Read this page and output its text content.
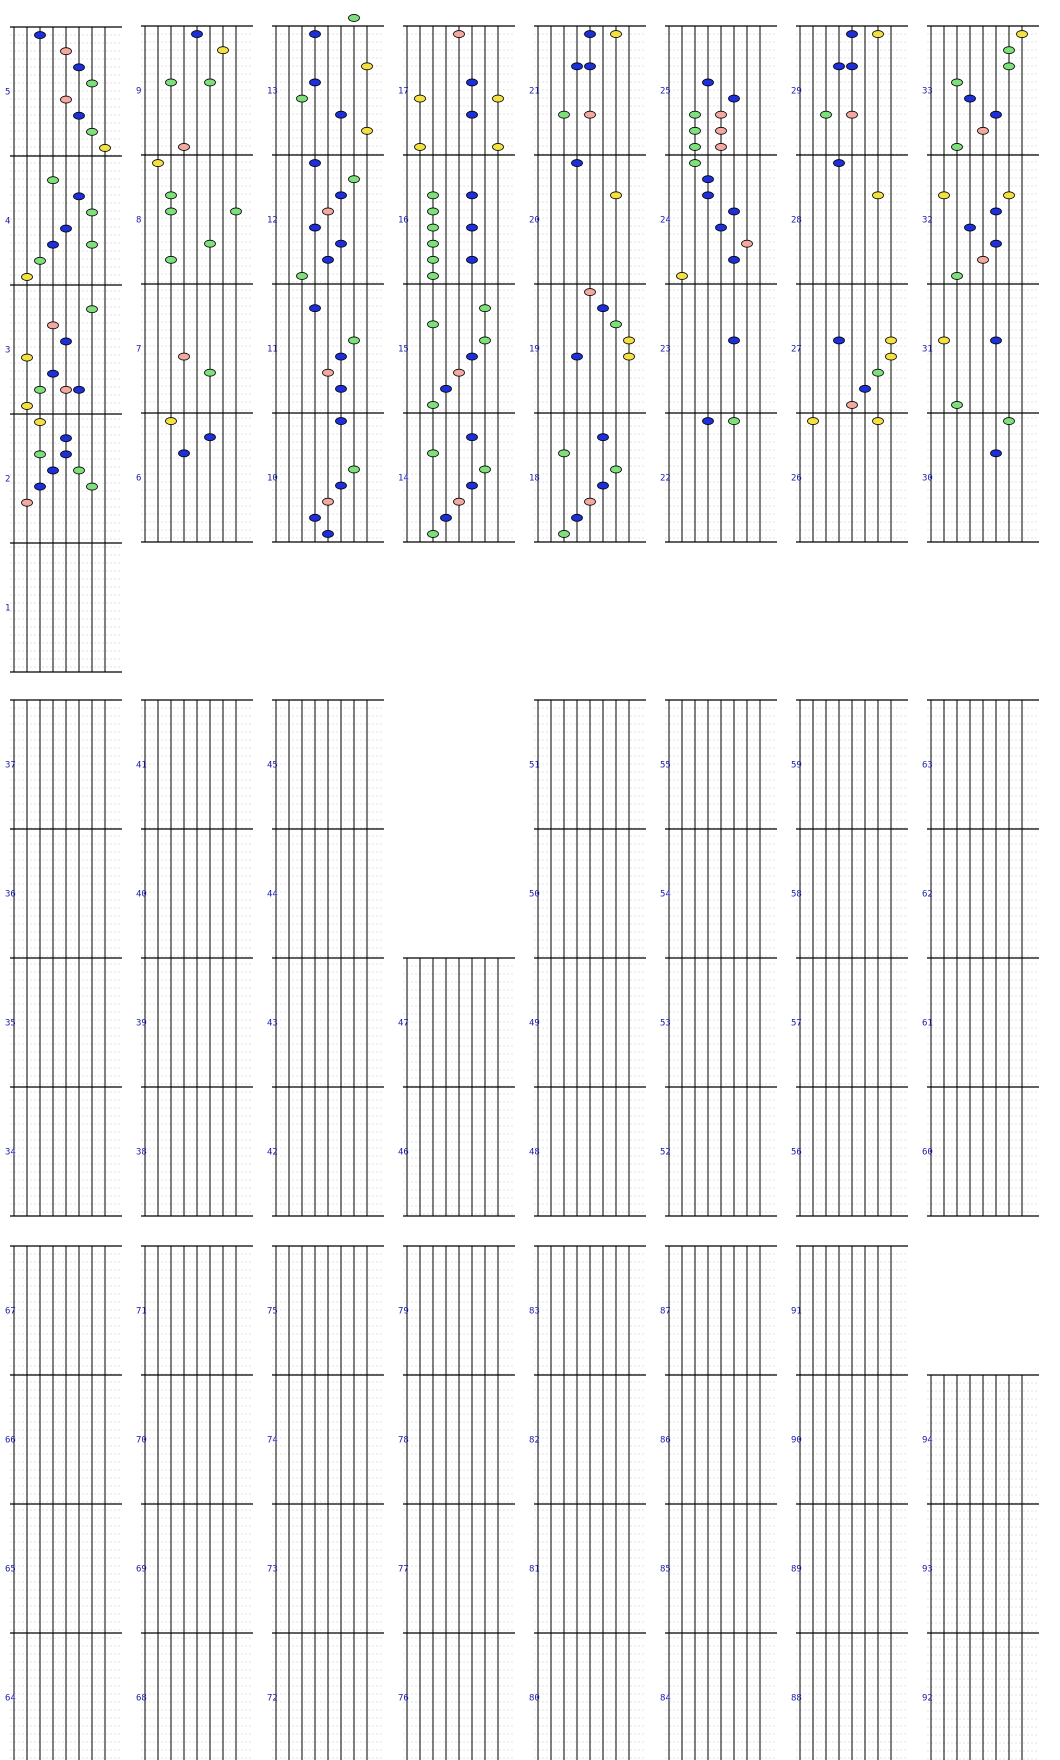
1
2
3
4
5
6
7
8
9
10
11
12
13
14
15
16
17
18
19
20
21
22
23
24
25
26
27
28
29
30
31
32
33
34
35
36
37
38
39
40
41
42
43
44
45
46
47
48
49
50
51
52
53
54
55
56
57
58
59
60
61
62
63
64
65
66
67
68
69
70
71
72
73
74
75
76
77
78
79
80
81
82
83
84
85
86
87
88
89
90
91
92
93
94
